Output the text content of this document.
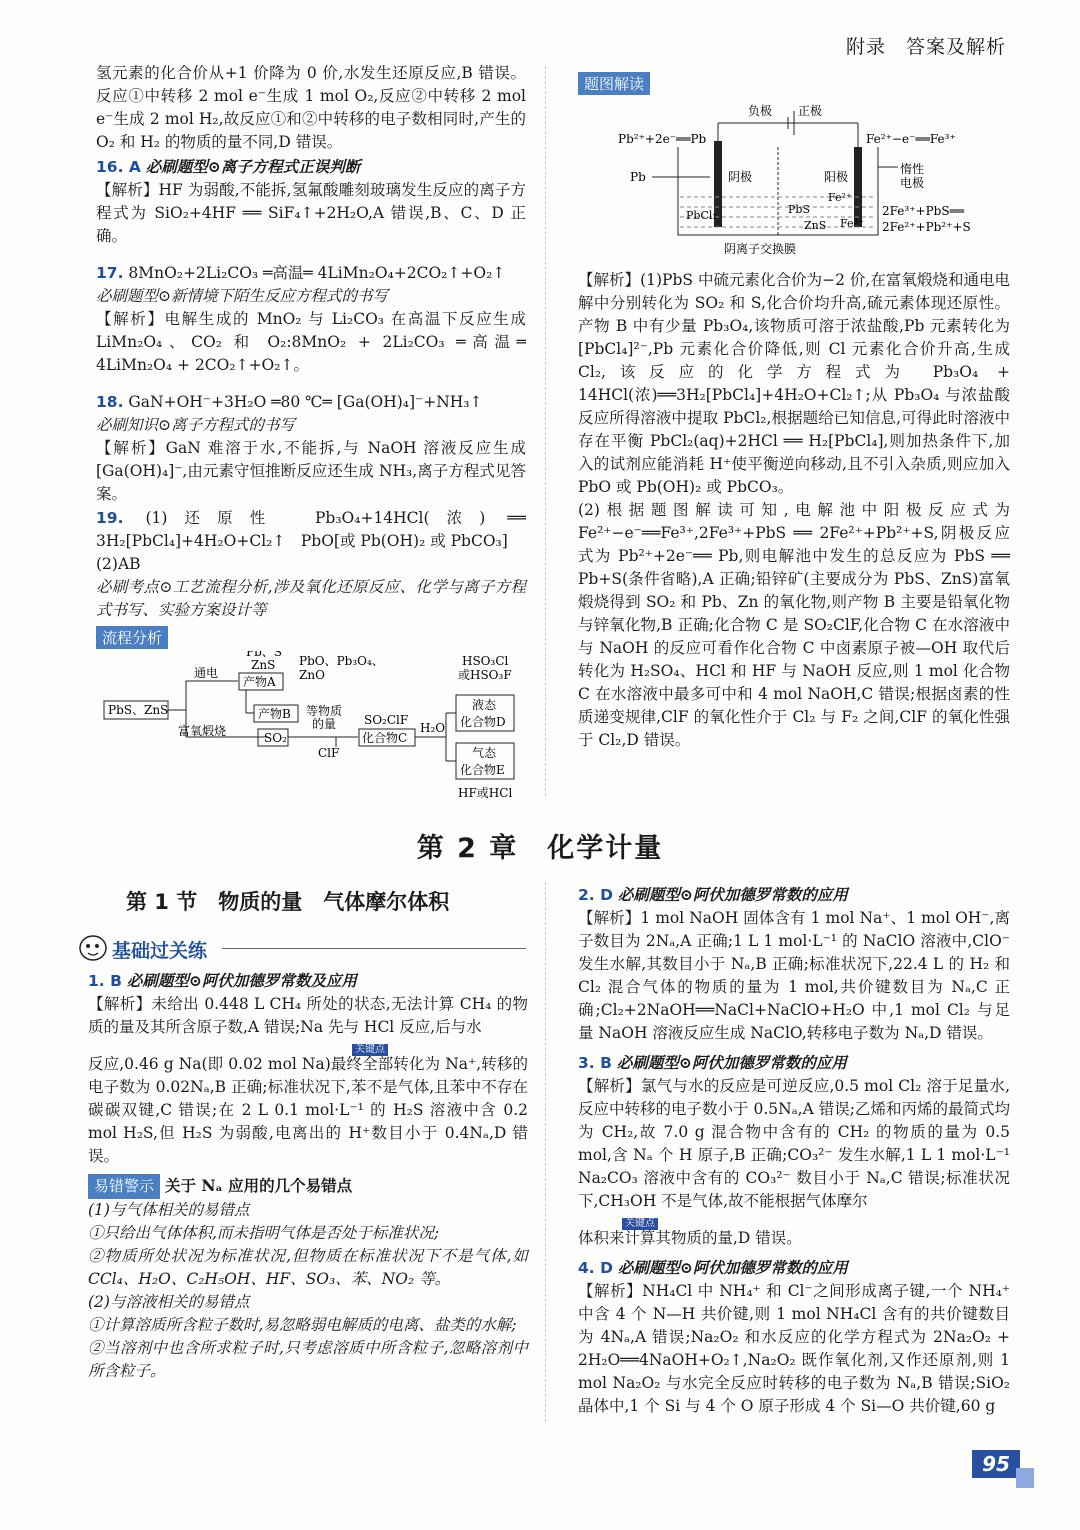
附录　答案及解析

氢元素的化合价从+1 价降为 0 价,水发生还原反应,B 错误。反应①中转移 2 mol e⁻生成 1 mol O₂,反应②中转移 2 mol e⁻生成 2 mol H₂,故反应①和②中转移的电子数相同时,产生的 O₂ 和 H₂ 的物质的量不同,D 错误。

16. A 必刷题型⊙离子方程式正误判断

【解析】HF 为弱酸,不能拆,氢氟酸雕刻玻璃发生反应的离子方程式为 SiO₂+4HF ══ SiF₄↑+2H₂O,A 错误,B、C、D 正确。

17. 8MnO₂+2Li₂CO₃ ═高温═ 4LiMn₂O₄+2CO₂↑+O₂↑

必刷题型⊙新情境下陌生反应方程式的书写

【解析】电解生成的 MnO₂ 与 Li₂CO₃ 在高温下反应生成 LiMn₂O₄、CO₂ 和 O₂:8MnO₂ + 2Li₂CO₃ ═高温═ 4LiMn₂O₄ + 2CO₂↑+O₂↑。

18. GaN+OH⁻+3H₂O ═80 ℃═ [Ga(OH)₄]⁻+NH₃↑

必刷知识⊙离子方程式的书写

【解析】GaN 难溶于水,不能拆,与 NaOH 溶液反应生成[Ga(OH)₄]⁻,由元素守恒推断反应还生成 NH₃,离子方程式见答案。

19. (1)还原性　Pb₃O₄+14HCl(浓) ══ 3H₂[PbCl₄]+4H₂O+Cl₂↑　PbO[或 Pb(OH)₂ 或 PbCO₃]

(2)AB

必刷考点⊙工艺流程分析,涉及氧化还原反应、化学与离子方程式书写、实验方案设计等

流程分析
PbS、ZnS
通电
Pb、S
ZnS
产物A
产物B
PbO、Pb₃O₄、
ZnO
富氧煅烧	SO₂
等物质
的量
ClF
SO₂ClF
化合物C
H₂O
HSO₃Cl
或HSO₃F
液态
化合物D
气态
化合物E
HF或HCl
题图解读
负极 正极
Pb²⁺+2e⁻══Pb	Fe²⁺−e⁻══Fe³⁺
Pb	阴极	阳极
惰性
电极
PbCl₂	PbS
ZnS
Fe²⁺
Fe³⁺
2Fe³⁺+PbS══
2Fe²⁺+Pb²⁺+S
阴离子交换膜

【解析】(1)PbS 中硫元素化合价为−2 价,在富氧煅烧和通电电解中分别转化为 SO₂ 和 S,化合价均升高,硫元素体现还原性。产物 B 中有少量 Pb₃O₄,该物质可溶于浓盐酸,Pb 元素转化为[PbCl₄]²⁻,Pb 元素化合价降低,则 Cl 元素化合价升高,生成 Cl₂,该反应的化学方程式为 Pb₃O₄ + 14HCl(浓)══3H₂[PbCl₄]+4H₂O+Cl₂↑;从 Pb₃O₄ 与浓盐酸反应所得溶液中提取 PbCl₂,根据题给已知信息,可得此时溶液中存在平衡 PbCl₂(aq)+2HCl ══ H₂[PbCl₄],则加热条件下,加入的试剂应能消耗 H⁺使平衡逆向移动,且不引入杂质,则应加入 PbO 或 Pb(OH)₂ 或 PbCO₃。

(2)根据题图解读可知,电解池中阳极反应式为 Fe²⁺−e⁻══Fe³⁺,2Fe³⁺+PbS ══ 2Fe²⁺+Pb²⁺+S,阴极反应式为 Pb²⁺+2e⁻══ Pb,则电解池中发生的总反应为 PbS ══ Pb+S(条件省略),A 正确;铅锌矿(主要成分为 PbS、ZnS)富氧煅烧得到 SO₂ 和 Pb、Zn 的氧化物,则产物 B 主要是铅氧化物与锌氧化物,B 正确;化合物 C 是 SO₂ClF,化合物 C 在水溶液中与 NaOH 的反应可看作化合物 C 中卤素原子被—OH 取代后转化为 H₂SO₄、HCl 和 HF 与 NaOH 反应,则 1 mol 化合物 C 在水溶液中最多可中和 4 mol NaOH,C 错误;根据卤素的性质递变规律,ClF 的氧化性介于 Cl₂ 与 F₂ 之间,ClF 的氧化性强于 Cl₂,D 错误。

第 2 章　化学计量
第 1 节　物质的量　气体摩尔体积
基础过关练

1. B 必刷题型⊙阿伏加德罗常数及应用

【解析】未给出 0.448 L CH₄ 所处的状态,无法计算 CH₄ 的物质的量及其所含原子数,A 错误;Na 先与 HCl 反应,后与水

关键点

反应,0.46 g Na(即 0.02 mol Na)最终全部转化为 Na⁺,转移的电子数为 0.02Nₐ,B 正确;标准状况下,苯不是气体,且苯中不存在碳碳双键,C 错误;在 2 L 0.1 mol·L⁻¹ 的 H₂S 溶液中含 0.2 mol H₂S,但 H₂S 为弱酸,电离出的 H⁺数目小于 0.4Nₐ,D 错误。

易错警示 关于 Nₐ 应用的几个易错点

(1)与气体相关的易错点

①只给出气体体积,而未指明气体是否处于标准状况;

②物质所处状况为标准状况,但物质在标准状况下不是气体,如 CCl₄、H₂O、C₂H₅OH、HF、SO₃、苯、NO₂ 等。

(2)与溶液相关的易错点

①计算溶质所含粒子数时,易忽略弱电解质的电离、盐类的水解;

②当溶剂中也含所求粒子时,只考虑溶质中所含粒子,忽略溶剂中所含粒子。

2. D 必刷题型⊙阿伏加德罗常数的应用

【解析】1 mol NaOH 固体含有 1 mol Na⁺、1 mol OH⁻,离子数目为 2Nₐ,A 正确;1 L 1 mol·L⁻¹ 的 NaClO 溶液中,ClO⁻发生水解,其数目小于 Nₐ,B 正确;标准状况下,22.4 L 的 H₂ 和 Cl₂ 混合气体的物质的量为 1 mol,共价键数目为 Nₐ,C 正确;Cl₂+2NaOH══NaCl+NaClO+H₂O 中,1 mol Cl₂ 与足量 NaOH 溶液反应生成 NaClO,转移电子数为 Nₐ,D 错误。

3. B 必刷题型⊙阿伏加德罗常数的应用

【解析】氯气与水的反应是可逆反应,0.5 mol Cl₂ 溶于足量水,反应中转移的电子数小于 0.5Nₐ,A 错误;乙烯和丙烯的最简式均为 CH₂,故 7.0 g 混合物中含有的 CH₂ 的物质的量为 0.5 mol,含 Nₐ 个 H 原子,B 正确;CO₃²⁻ 发生水解,1 L 1 mol·L⁻¹ Na₂CO₃ 溶液中含有的 CO₃²⁻ 数目小于 Nₐ,C 错误;标准状况下,CH₃OH 不是气体,故不能根据气体摩尔

关键点

体积来计算其物质的量,D 错误。

4. D 必刷题型⊙阿伏加德罗常数的应用

【解析】NH₄Cl 中 NH₄⁺ 和 Cl⁻之间形成离子键,一个 NH₄⁺ 中含 4 个 N—H 共价键,则 1 mol NH₄Cl 含有的共价键数目为 4Nₐ,A 错误;Na₂O₂ 和水反应的化学方程式为 2Na₂O₂ + 2H₂O══4NaOH+O₂↑,Na₂O₂ 既作氧化剂,又作还原剂,则 1 mol Na₂O₂ 与水完全反应时转移的电子数为 Nₐ,B 错误;SiO₂ 晶体中,1 个 Si 与 4 个 O 原子形成 4 个 Si—O 共价键,60 g

95
